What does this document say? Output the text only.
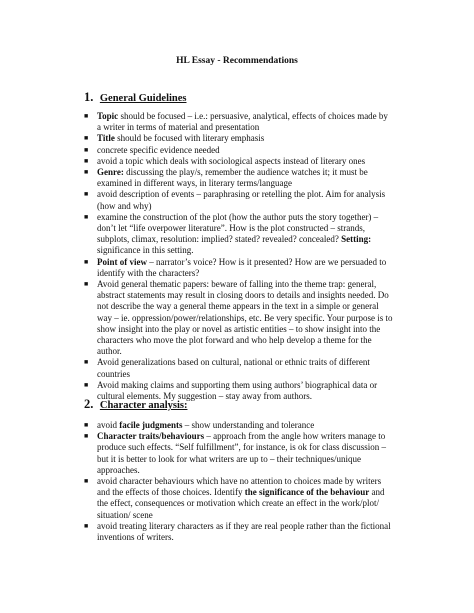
HL Essay - Recommendations
1. General Guidelines
■ Topic should be focused – i.e.: persuasive, analytical, effects of choices made by a writer in terms of material and presentation
■ Title should be focused with literary emphasis
■ concrete specific evidence needed
■ avoid a topic which deals with sociological aspects instead of literary ones
■ Genre: discussing the play/s, remember the audience watches it; it must be examined in different ways, in literary terms/language
■ avoid description of events – paraphrasing or retelling the plot. Aim for analysis (how and why)
■ examine the construction of the plot (how the author puts the story together) – don’t let “life overpower literature”. How is the plot constructed – strands, subplots, climax, resolution: implied? stated? revealed? concealed? Setting: significance in this setting.
■ Point of view – narrator’s voice? How is it presented? How are we persuaded to identify with the characters?
■ Avoid general thematic papers: beware of falling into the theme trap: general, abstract statements may result in closing doors to details and insights needed. Do not describe the way a general theme appears in the text in a simple or general way – ie. oppression/power/relationships, etc. Be very specific. Your purpose is to show insight into the play or novel as artistic entities – to show insight into the characters who move the plot forward and who help develop a theme for the author.
■ Avoid generalizations based on cultural, national or ethnic traits of different countries
■ Avoid making claims and supporting them using authors’ biographical data or cultural elements. My suggestion – stay away from authors.
2. Character analysis:
■ avoid facile judgments – show understanding and tolerance
■ Character traits/behaviours – approach from the angle how writers manage to produce such effects. “Self fulfillment”, for instance, is ok for class discussion – but it is better to look for what writers are up to – their techniques/unique approaches.
■ avoid character behaviours which have no attention to choices made by writers and the effects of those choices. Identify the significance of the behaviour and the effect, consequences or motivation which create an effect in the work/plot/ situation/ scene
■ avoid treating literary characters as if they are real people rather than the fictional inventions of writers.
